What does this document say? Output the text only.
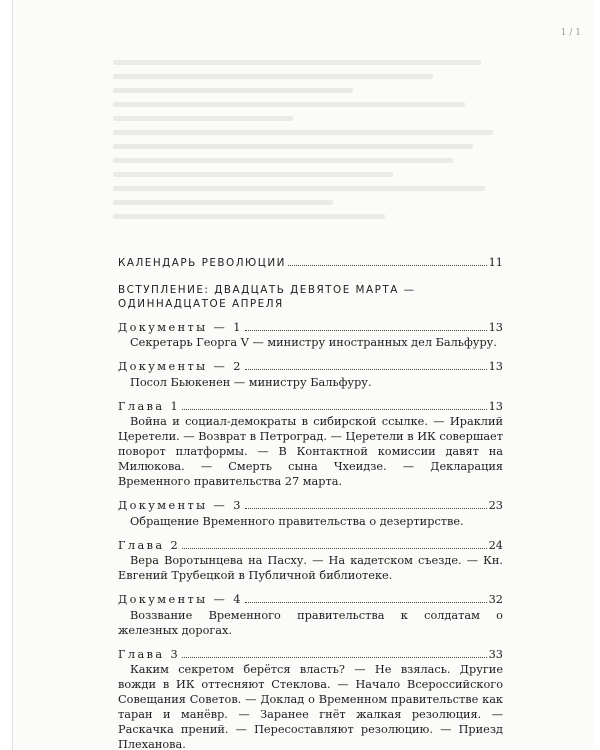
1 / 1
КАЛЕНДАРЬ РЕВОЛЮЦИИ	11
ВСТУПЛЕНИЕ: ДВАДЦАТЬ ДЕВЯТОЕ МАРТА —
ОДИННАДЦАТОЕ АПРЕЛЯ
Документы — 1	13
Секретарь Георга V — министру иностранных дел Бальфуру.
Документы — 2	13
Посол Бьюкенен — министру Бальфуру.
Глава 1	13
Война и социал-демократы в сибирской ссылке. — Ираклий Церетели. — Возврат в Петроград. — Церетели в ИК совершает поворот платформы. — В Контактной комиссии давят на Милюкова. — Смерть сына Чхеидзе. — Декларация Временного правительства 27 марта.
Документы — 3	23
Обращение Временного правительства о дезертирстве.
Глава 2	24
Вера Воротынцева на Пасху. — На кадетском съезде. — Кн. Евгений Трубецкой в Публичной библиотеке.
Документы — 4	32
Воззвание Временного правительства к солдатам о железных дорогах.
Глава 3	33
Каким секретом берётся власть? — Не взялась. Другие вожди в ИК оттесняют Стеклова. — Начало Всероссийского Совещания Советов. — Доклад о Временном правительстве как таран и манёвр. — Заранее гнёт жалкая резолюция. — Раскачка прений. — Пересоставляют резолюцию. — Приезд Плеханова.
